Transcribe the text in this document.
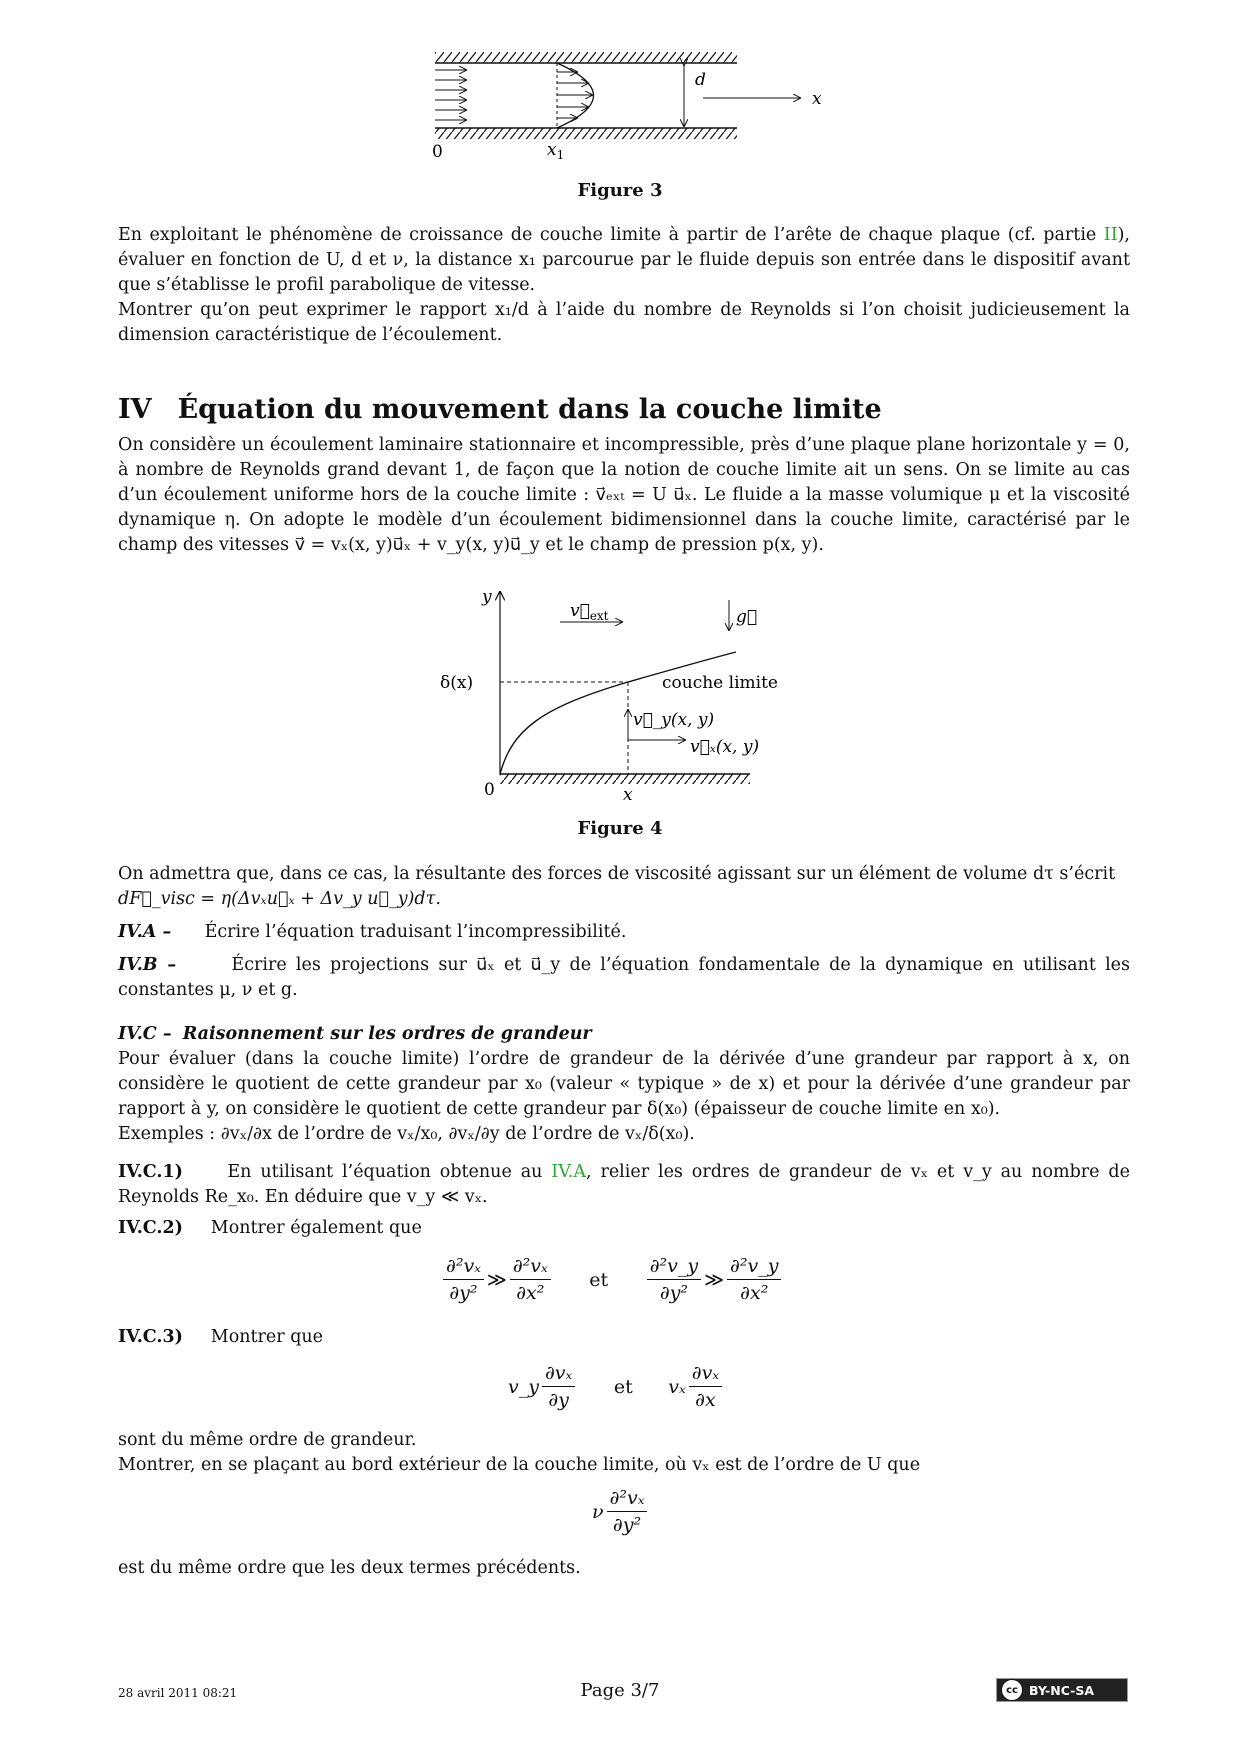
d
x
0	$x_1$
Figure 3

En exploitant le phénomène de croissance de couche limite à partir de l’arête de chaque plaque (cf. partie II), évaluer en fonction de U, d et ν, la distance x₁ parcourue par le fluide depuis son entrée dans le dispositif avant que s’établisse le profil parabolique de vitesse.

Montrer qu’on peut exprimer le rapport x₁/d à l’aide du nombre de Reynolds si l’on choisit judicieusement la dimension caractéristique de l’écoulement.

IV Équation du mouvement dans la couche limite

On considère un écoulement laminaire stationnaire et incompressible, près d’une plaque plane horizontale y = 0, à nombre de Reynolds grand devant 1, de façon que la notion de couche limite ait un sens. On se limite au cas d’un écoulement uniforme hors de la couche limite : v⃗ₑₓₜ = U u⃗ₓ. Le fluide a la masse volumique μ et la viscosité dynamique η. On adopte le modèle d’un écoulement bidimensionnel dans la couche limite, caractérisé par le champ des vitesses v⃗ = vₓ(x, y)u⃗ₓ + v_y(x, y)u⃗_y et le champ de pression p(x, y).

y
0	x
$v⃗_{ext}$	g⃗
δ(x)	couche limite
v⃗_y(x, y)
v⃗ₓ(x, y)
Figure 4

On admettra que, dans ce cas, la résultante des forces de viscosité agissant sur un élément de volume dτ s’écrit

dF⃗_visc = η(Δvₓu⃗ₓ + Δv_y u⃗_y)dτ.

IV.A – Écrire l’équation traduisant l’incompressibilité.

IV.B –	Écrire les projections sur u⃗ₓ et u⃗_y de l’équation fondamentale de la dynamique en utilisant les constantes μ, ν et g.

IV.C – Raisonnement sur les ordres de grandeur

Pour évaluer (dans la couche limite) l’ordre de grandeur de la dérivée d’une grandeur par rapport à x, on considère le quotient de cette grandeur par x₀ (valeur « typique » de x) et pour la dérivée d’une grandeur par rapport à y, on considère le quotient de cette grandeur par δ(x₀) (épaisseur de couche limite en x₀).

Exemples : ∂vₓ/∂x de l’ordre de vₓ/x₀, ∂vₓ/∂y de l’ordre de vₓ/δ(x₀).

IV.C.1)	En utilisant l’équation obtenue au IV.A, relier les ordres de grandeur de vₓ et v_y au nombre de Reynolds Re_x₀. En déduire que v_y ≪ vₓ.

IV.C.2) Montrer également que

$\frac{\text{∂²vₓ}}{\text{∂y²}}$ ≫ $\frac{\text{∂²vₓ}}{\text{∂x²}}$	et	$\frac{\text{∂²v\_y}}{\text{∂y²}}$ ≫ $\frac{\text{∂²v\_y}}{\text{∂x²}}$

IV.C.3) Montrer que

v_y $\frac{\text{∂vₓ}}{\partial y}$	et	vₓ $\frac{\text{∂vₓ}}{\partial x}$

sont du même ordre de grandeur.

Montrer, en se plaçant au bord extérieur de la couche limite, où vₓ est de l’ordre de U que

ν $\frac{\text{∂²vₓ}}{\text{∂y²}}$

est du même ordre que les deux termes précédents.

28 avril 2011 08:21	Page 3/7	cc BY-NC-SA
